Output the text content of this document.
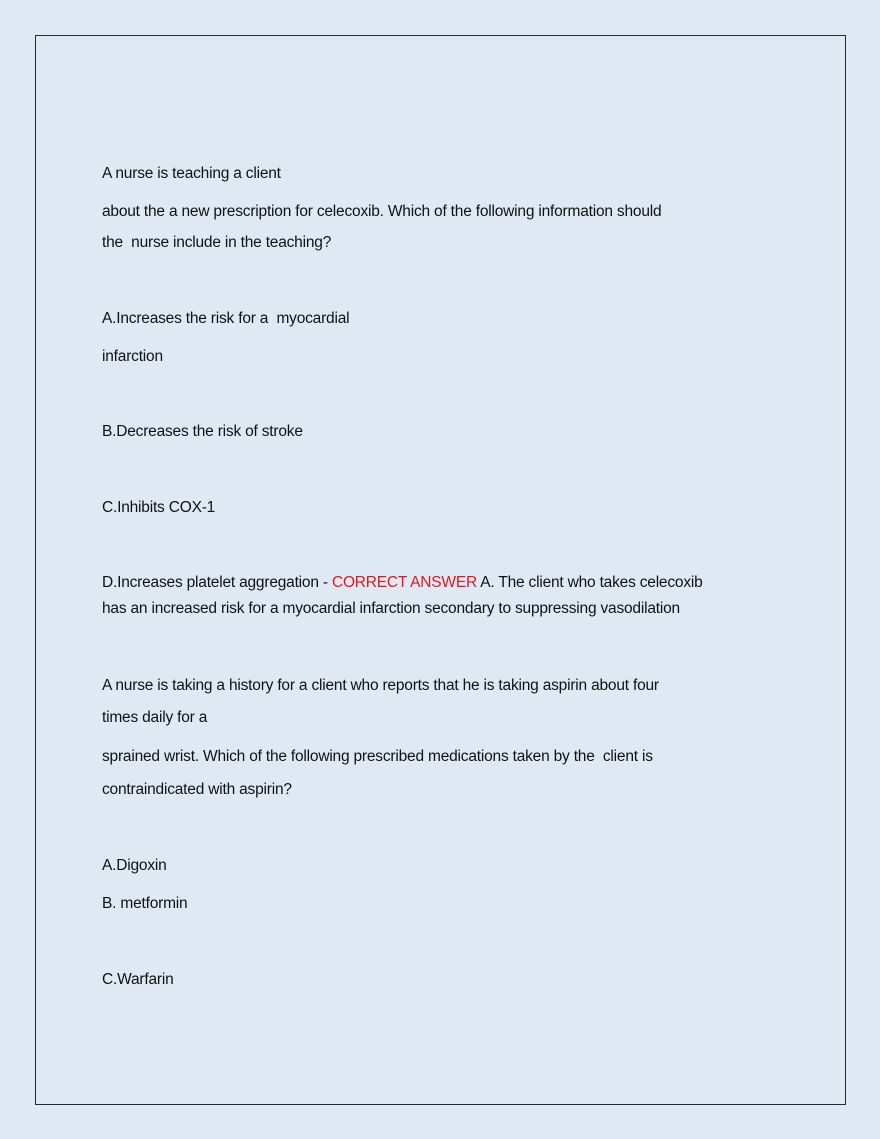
A nurse is teaching a client
about the a new prescription for celecoxib. Which of the following information should
the  nurse include in the teaching?
A.Increases the risk for a  myocardial
infarction
B.Decreases the risk of stroke
C.Inhibits COX-1
D.Increases platelet aggregation - CORRECT ANSWER A. The client who takes celecoxib
has an increased risk for a myocardial infarction secondary to suppressing vasodilation
A nurse is taking a history for a client who reports that he is taking aspirin about four
times daily for a
sprained wrist. Which of the following prescribed medications taken by the  client is
contraindicated with aspirin?
A.Digoxin
B. metformin
C.Warfarin
